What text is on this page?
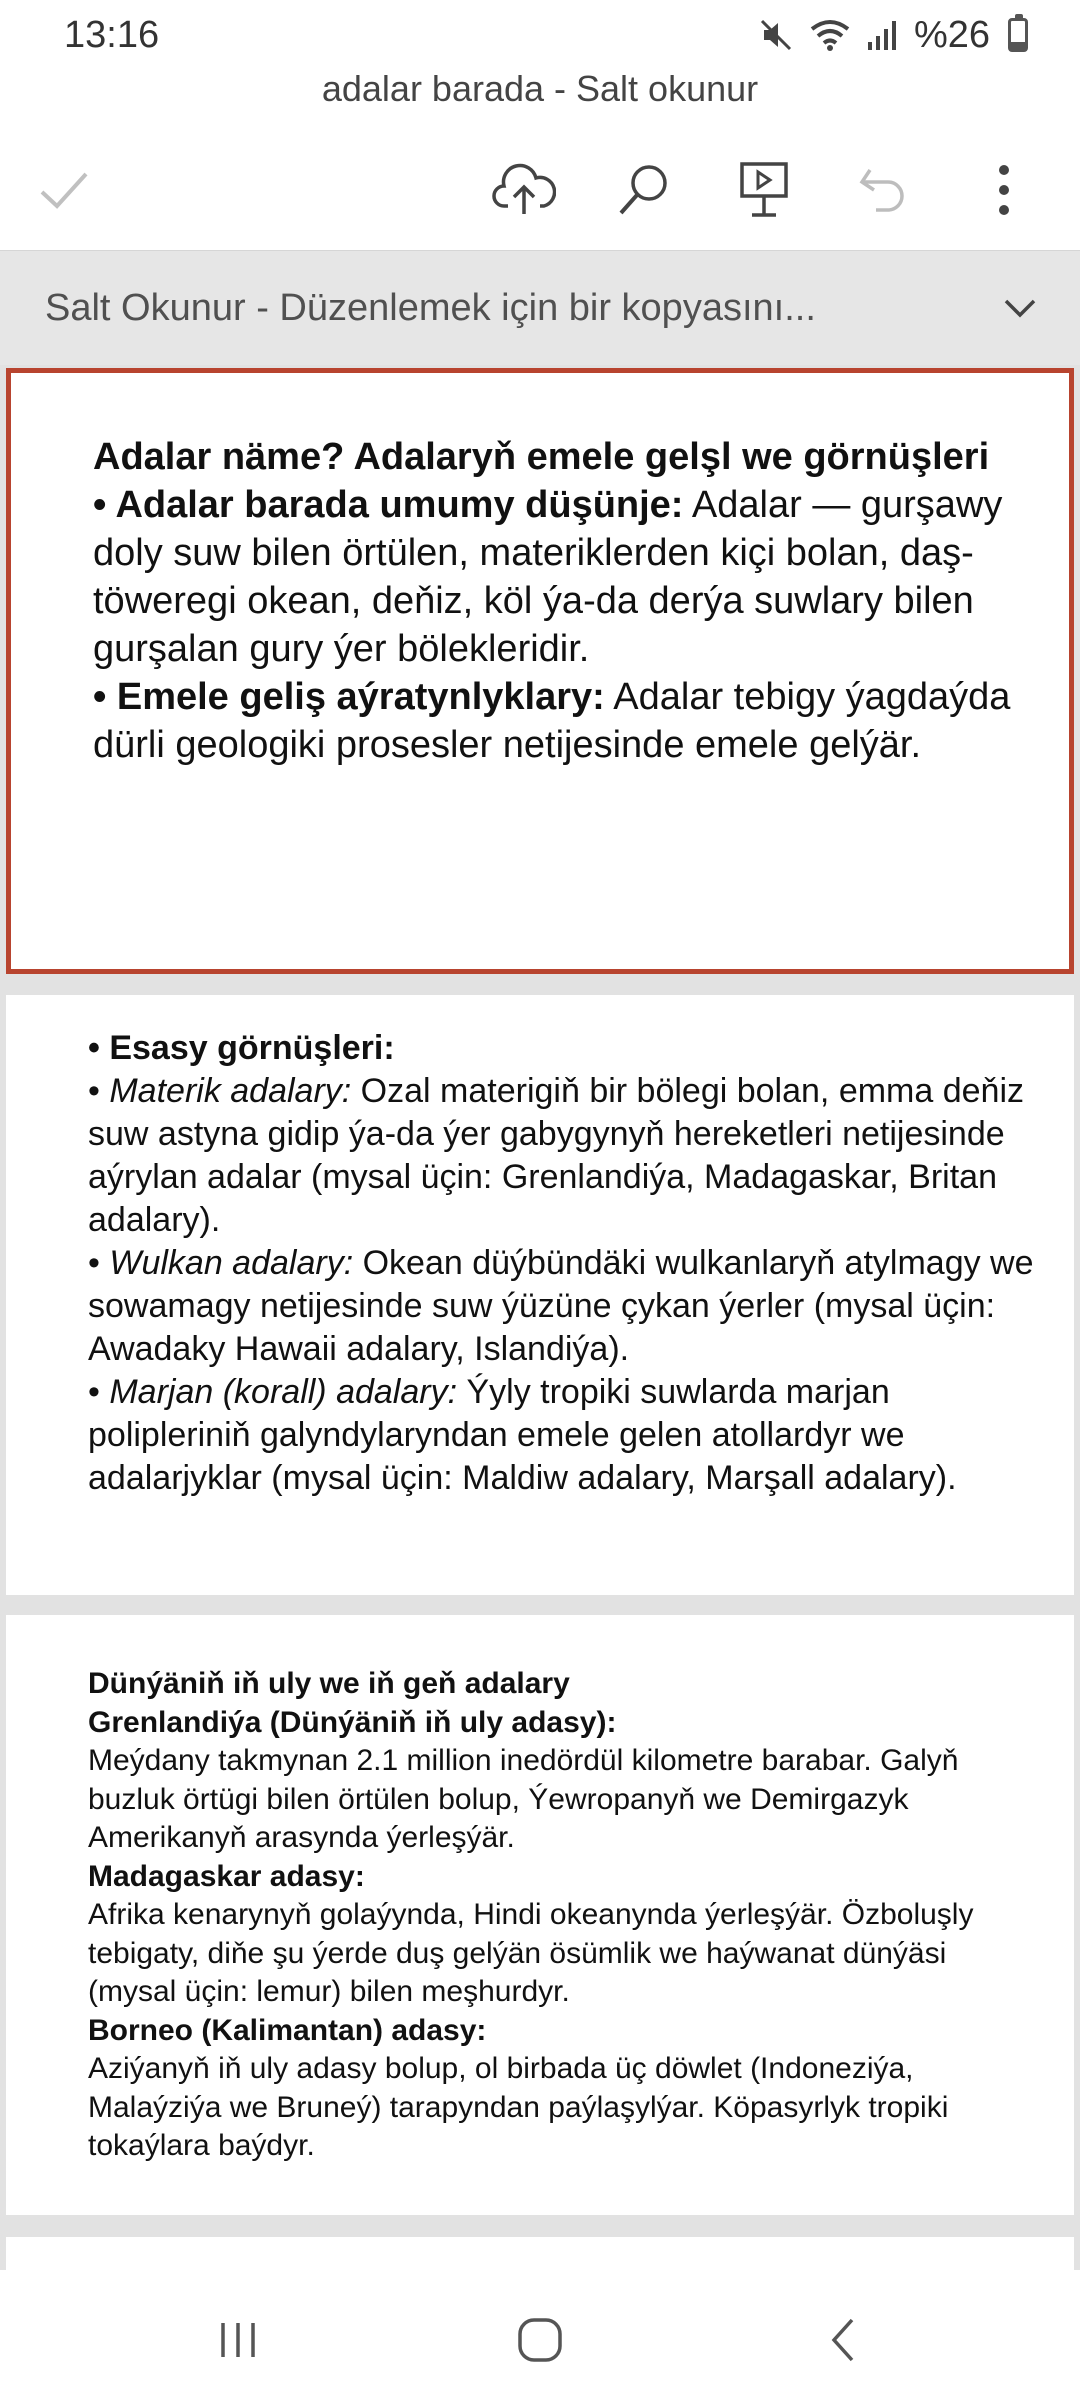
13:16	%26
adalar barada - Salt okunur
Salt Okunur - Düzenlemek için bir kopyasını...
Adalar näme? Adalaryň emele gelşl we görnüşleri
• Adalar barada umumy düşünje: Adalar — gurşawy doly suw bilen örtülen, materiklerden kiçi bolan, daş-töweregi okean, deňiz, köl ýa-da derýa suwlary bilen gurşalan gury ýer bölekleridir.
• Emele geliş aýratynlyklary: Adalar tebigy ýagdaýda dürli geologiki prosesler netijesinde emele gelýär.
• Esasy görnüşleri:
• Materik adalary: Ozal materigiň bir bölegi bolan, emma deňiz suw astyna gidip ýa-da ýer gabygynyň hereketleri netijesinde aýrylan adalar (mysal üçin: Grenlandiýa, Madagaskar, Britan adalary).
• Wulkan adalary: Okean düýbündäki wulkanlaryň atylmagy we sowamagy netijesinde suw ýüzüne çykan ýerler (mysal üçin: Awadaky Hawaii adalary, Islandiýa).
• Marjan (korall) adalary: Ýyly tropiki suwlarda marjan polipleriniň galyndylaryndan emele gelen atollardyr we adalarjyklar (mysal üçin: Maldiw adalary, Marşall adalary).
Dünýäniň iň uly we iň geň adalary
Grenlandiýa (Dünýäniň iň uly adasy):
Meýdany takmynan 2.1 million inedördül kilometre barabar. Galyň buzluk örtügi bilen örtülen bolup, Ýewropanyň we Demirgazyk Amerikanyň arasynda ýerleşýär.
Madagaskar adasy:
Afrika kenarynyň golaýynda, Hindi okeanynda ýerleşýär. Özboluşly tebigaty, diňe şu ýerde duş gelýän ösümlik we haýwanat dünýäsi (mysal üçin: lemur) bilen meşhurdyr.
Borneo (Kalimantan) adasy:
Aziýanyň iň uly adasy bolup, ol birbada üç döwlet (Indoneziýa, Malaýziýa we Bruneý) tarapyndan paýlaşylýar. Köpasyrlyk tropiki tokaýlara baýdyr.
